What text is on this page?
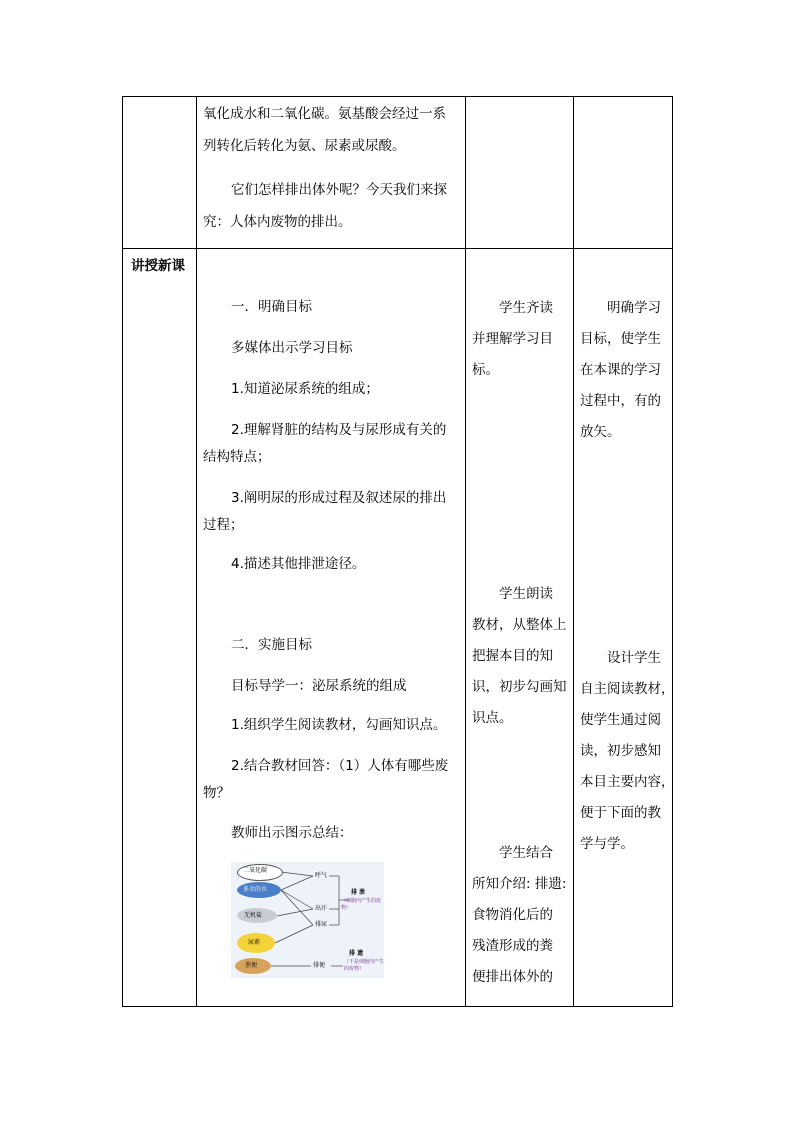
氧化成水和二氧化碳。氨基酸会经过一系
列转化后转化为氨、尿素或尿酸。
它们怎样排出体外呢？今天我们来探
究：人体内废物的排出。
讲授新课
一．明确目标
多媒体出示学习目标
1.知道泌尿系统的组成；
2.理解肾脏的结构及与尿形成有关的
结构特点；
3.阐明尿的形成过程及叙述尿的排出
过程；
4.描述其他排泄途径。
二．实施目标
目标导学一：泌尿系统的组成
1.组织学生阅读教材，勾画知识点。
2.结合教材回答：（1）人体有哪些废
物？
教师出示图示总结：
学生齐读
并理解学习目
标。
学生朗读
教材，从整体上
把握本目的知
识，初步勾画知
识点。
学生结合
所知介绍: 排遗:
食物消化后的
残渣形成的粪
便排出体外的
明确学习
目标，使学生
在本课的学习
过程中，有的
放矢。
设计学生
自主阅读教材，
使学生通过阅
读，初步感知
本目主要内容，
便于下面的教
学与学。
二氧化碳
多余的水
无机盐
尿素
粪便
呼气
出汗
排尿
排便
排 泄
（细胞内产生的废物）
排 遗
（不是细胞内产生的废物）
